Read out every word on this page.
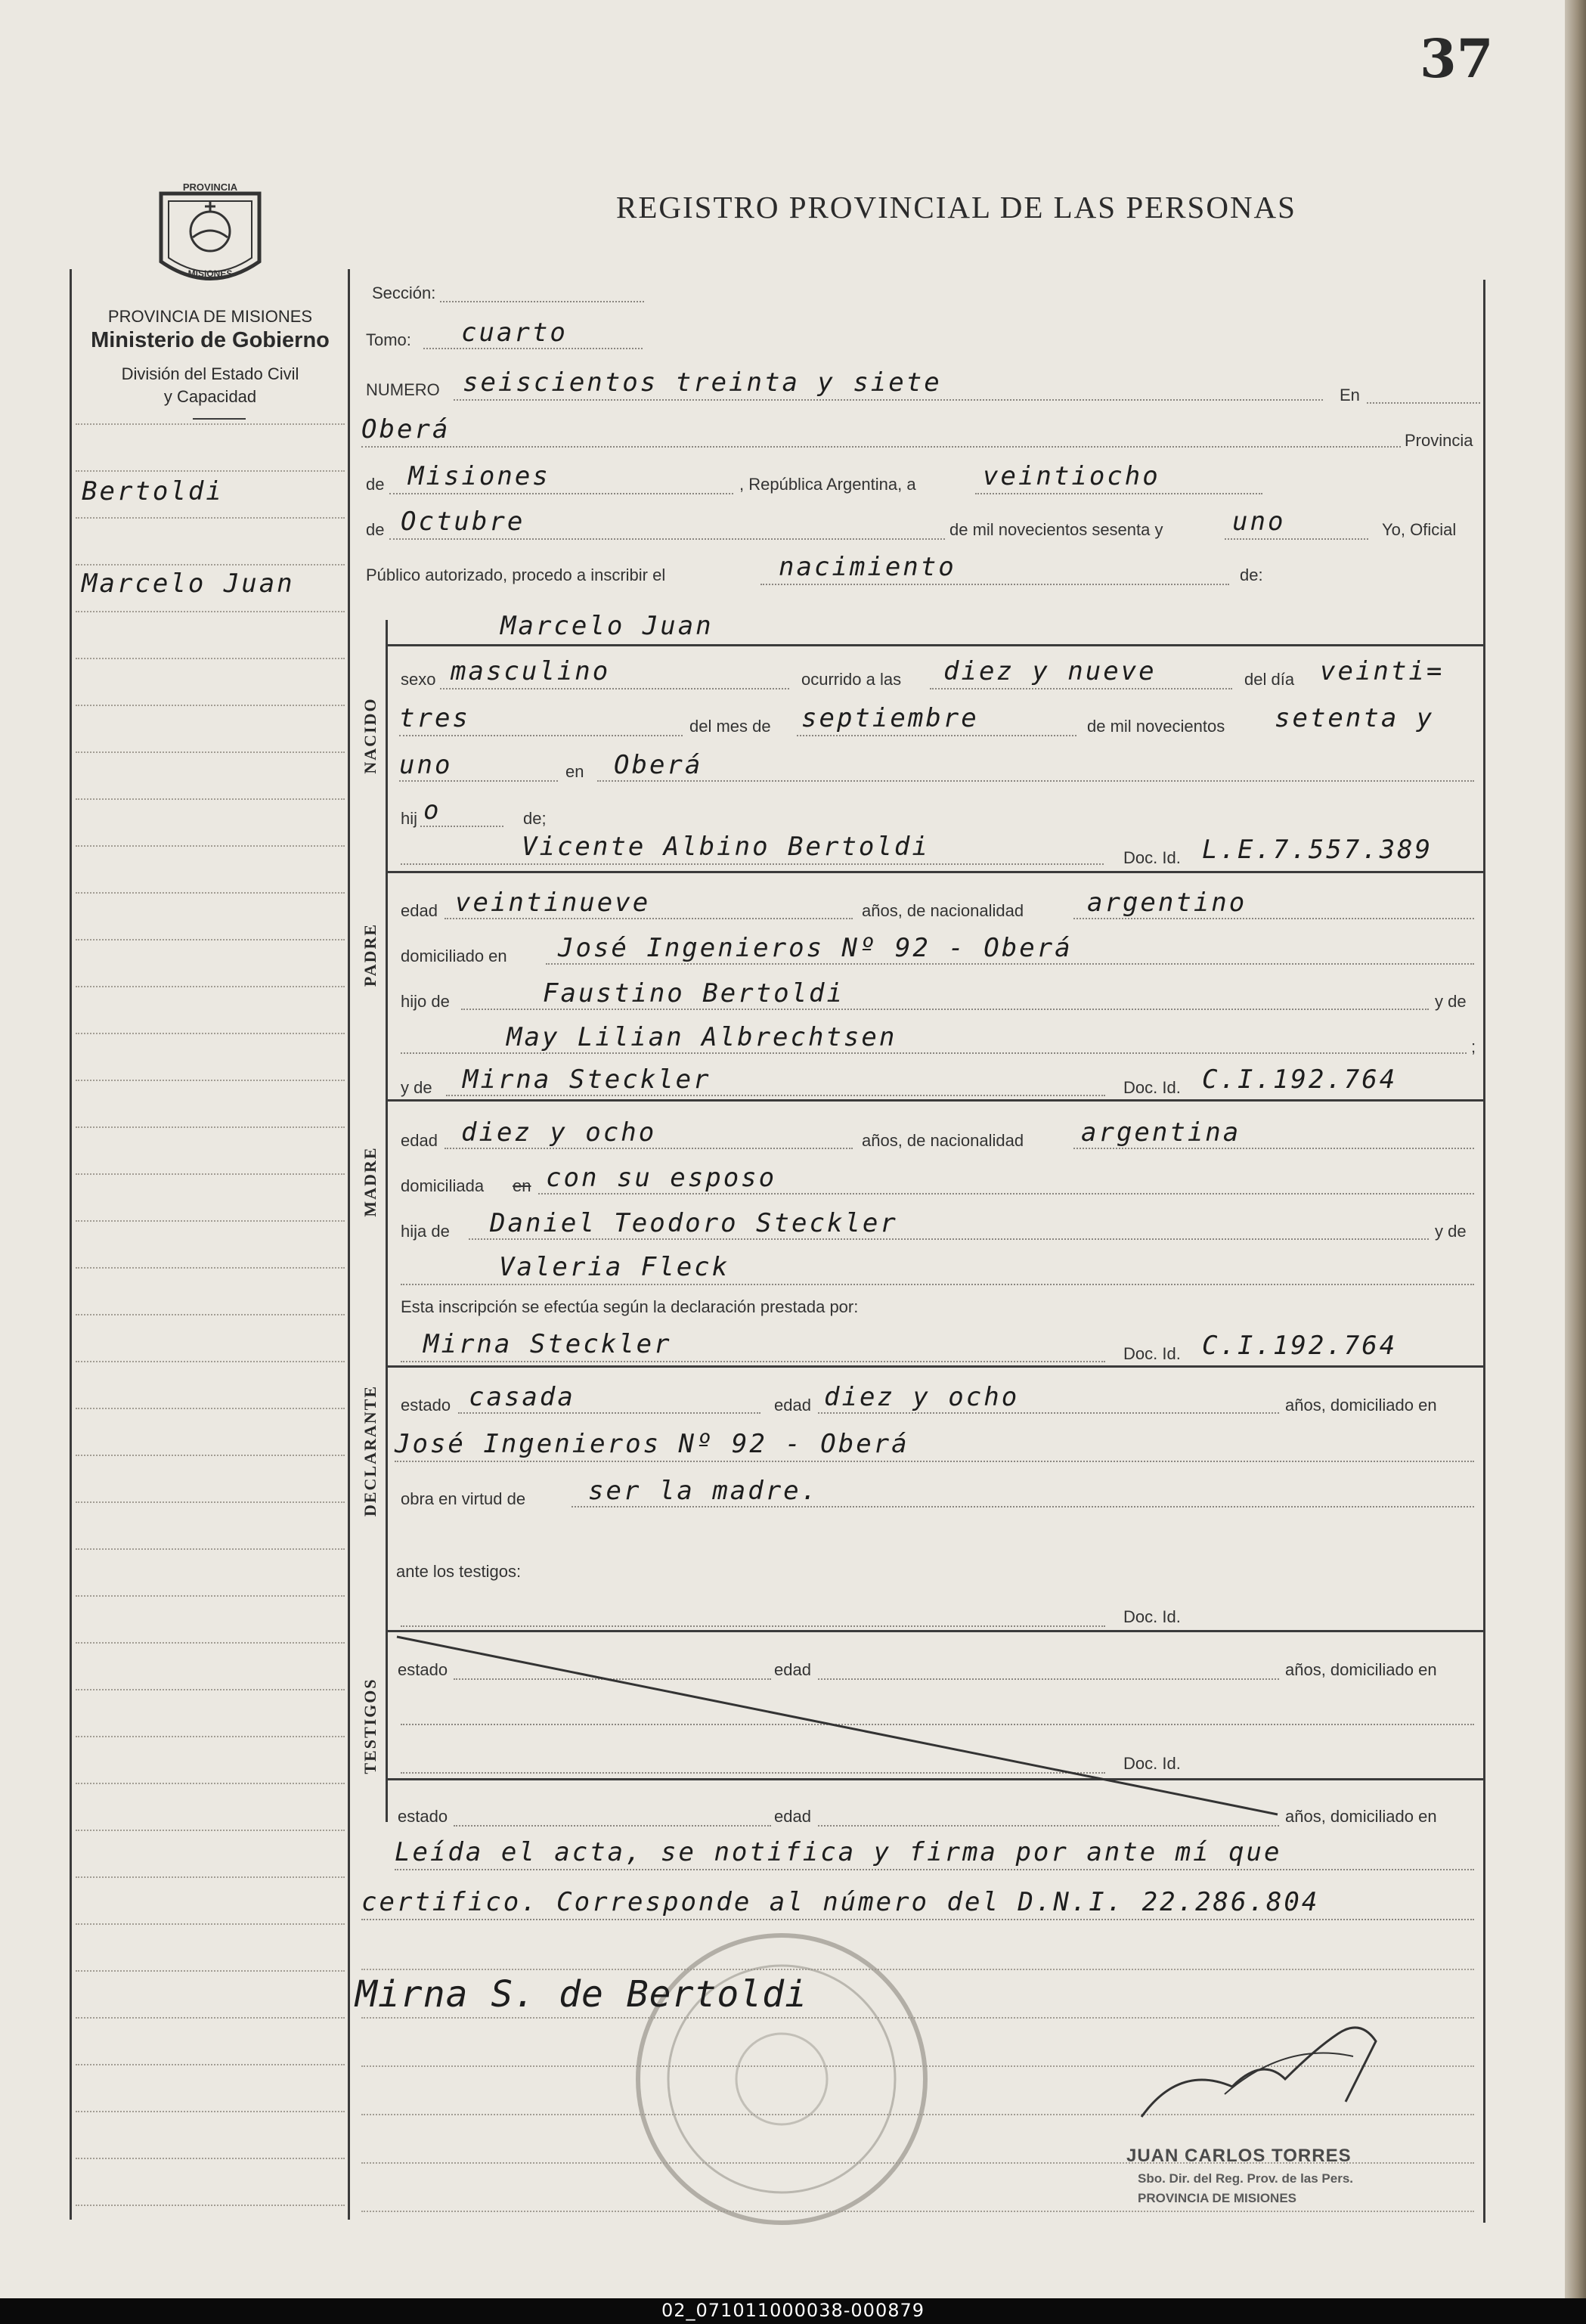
37
REGISTRO PROVINCIAL DE LAS PERSONAS
PROVINCIA
MISIONES
PROVINCIA DE MISIONES
Ministerio de Gobierno
División del Estado Civil
y Capacidad
Bertoldi
Marcelo Juan
Sección:
Tomo: cuarto
NUMERO seiscientos treinta y siete	En
Oberá	Provincia
de Misiones	, República Argentina, a	veintiocho
de Octubre	de mil novecientos sesenta y	uno	Yo, Oficial
Público autorizado, procedo a inscribir el	nacimiento	de:
NACIDO
Marcelo Juan
sexo masculino	ocurrido a las diez y nueve	del día veinti=
tres	del mes de septiembre	de mil novecientos setenta y
uno	en Oberá
hij o	de;
Vicente Albino Bertoldi	Doc. Id. L.E.7.557.389
PADRE
edad veintinueve	años, de nacionalidad argentino
domiciliado en José Ingenieros Nº 92 - Oberá
hijo de	Faustino Bertoldi	y de
May Lilian Albrechtsen	;
y de Mirna Steckler	Doc. Id. C.I.192.764
MADRE
edad diez y ocho	años, de nacionalidad argentina
domiciliada en con su esposo
hija de Daniel Teodoro Steckler	y de
Valeria Fleck
Esta inscripción se efectúa según la declaración prestada por:
Mirna Steckler	Doc. Id. C.I.192.764
DECLARANTE estado casada	edad diez y ocho	años, domiciliado en
José Ingenieros Nº 92 - Oberá
obra en virtud de ser la madre.
ante los testigos:
Doc. Id.
TESTIGOS
estado	edad	años, domiciliado en
Doc. Id.
estado	edad	años, domiciliado en
Leída el acta, se notifica y firma por ante mí que
certifico. Corresponde al número del D.N.I. 22.286.804
Mirna S. de Bertoldi
JUAN CARLOS TORRES
Sbo. Dir. del Reg. Prov. de las Pers.
PROVINCIA DE MISIONES
02_071011000038-000879
